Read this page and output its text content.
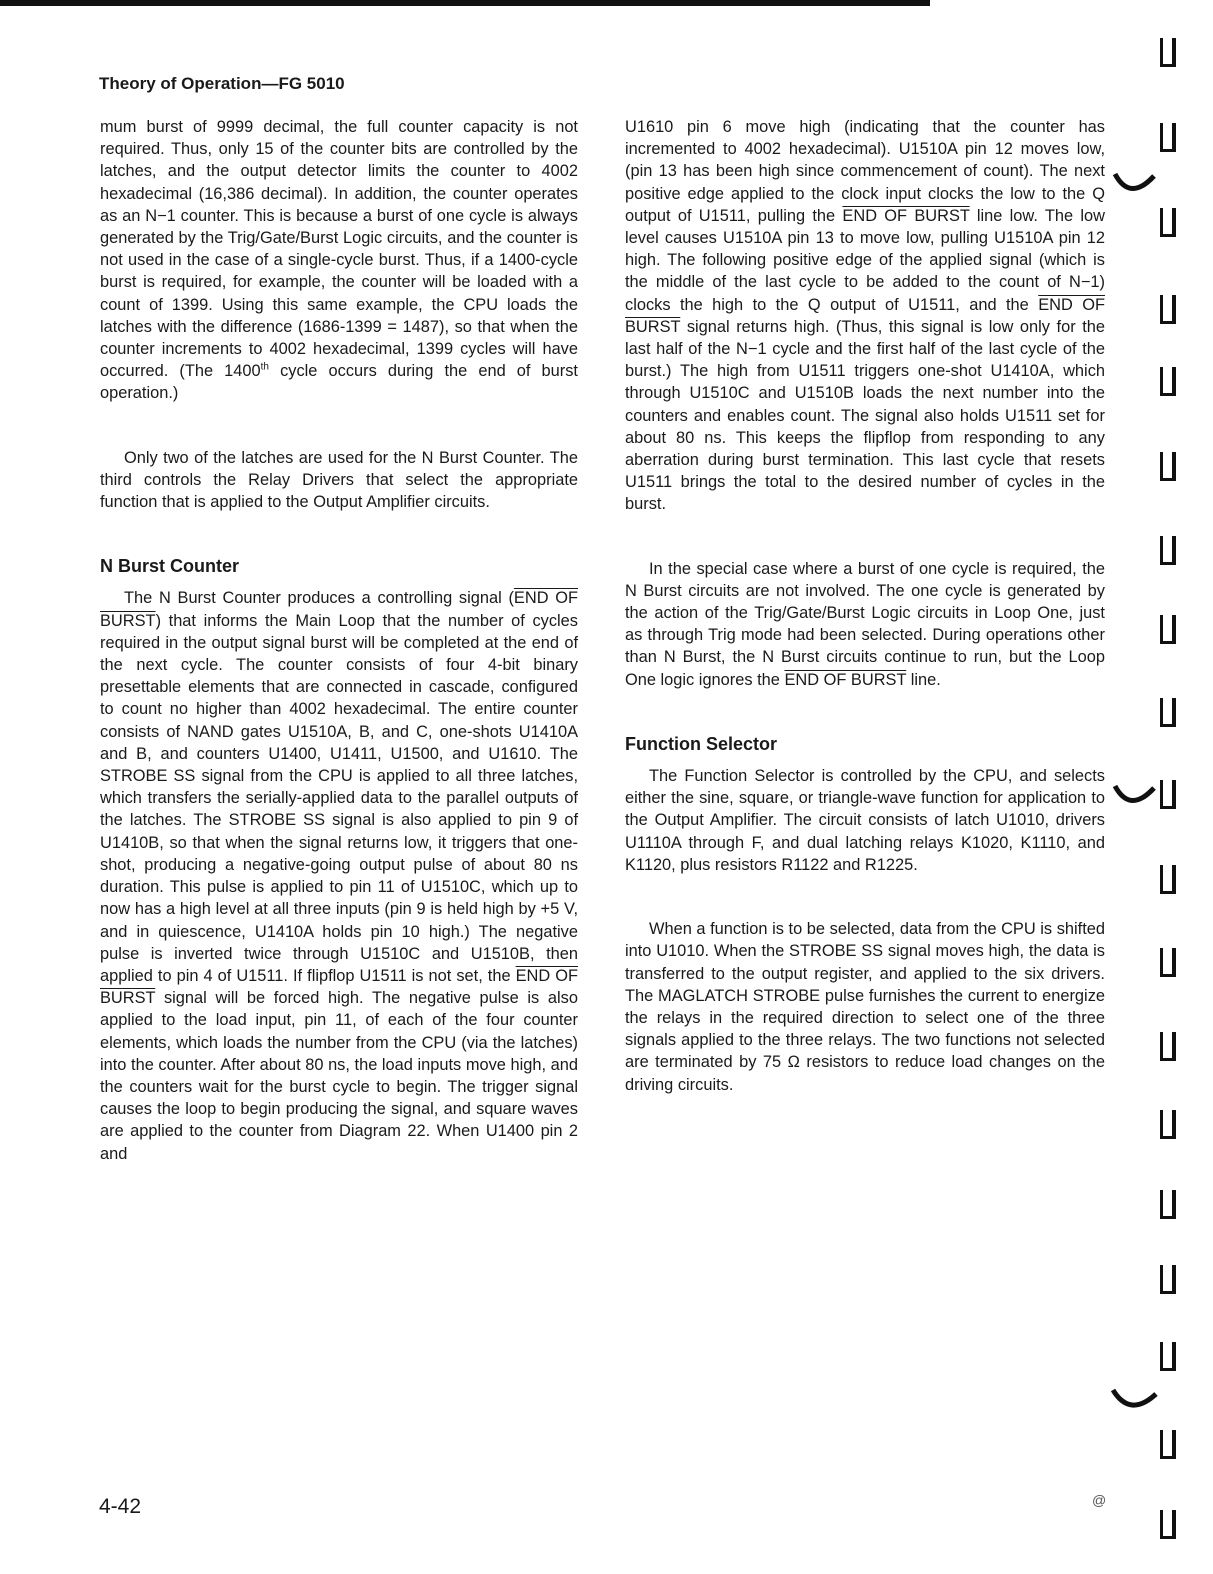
Theory of Operation—FG 5010

mum burst of 9999 decimal, the full counter capacity is not required. Thus, only 15 of the counter bits are controlled by the latches, and the output detector limits the counter to 4002 hexadecimal (16,386 decimal). In addition, the counter operates as an N−1 counter. This is because a burst of one cycle is always generated by the Trig/Gate/Burst Logic circuits, and the counter is not used in the case of a single-cycle burst. Thus, if a 1400-cycle burst is required, for example, the counter will be loaded with a count of 1399. Using this same example, the CPU loads the latches with the difference (1686-1399 = 1487), so that when the counter increments to 4002 hexadecimal, 1399 cycles will have occurred. (The 1400th cycle occurs during the end of burst operation.)

Only two of the latches are used for the N Burst Counter. The third controls the Relay Drivers that select the appropriate function that is applied to the Output Amplifier circuits.

N Burst Counter

The N Burst Counter produces a controlling signal (END OF BURST) that informs the Main Loop that the number of cycles required in the output signal burst will be completed at the end of the next cycle. The counter consists of four 4-bit binary presettable elements that are connected in cascade, configured to count no higher than 4002 hexadecimal. The entire counter consists of NAND gates U1510A, B, and C, one-shots U1410A and B, and counters U1400, U1411, U1500, and U1610. The STROBE SS signal from the CPU is applied to all three latches, which transfers the serially-applied data to the parallel outputs of the latches. The STROBE SS signal is also applied to pin 9 of U1410B, so that when the signal returns low, it triggers that one-shot, producing a negative-going output pulse of about 80 ns duration. This pulse is applied to pin 11 of U1510C, which up to now has a high level at all three inputs (pin 9 is held high by +5 V, and in quiescence, U1410A holds pin 10 high.) The negative pulse is inverted twice through U1510C and U1510B, then applied to pin 4 of U1511. If flipflop U1511 is not set, the END OF BURST signal will be forced high. The negative pulse is also applied to the load input, pin 11, of each of the four counter elements, which loads the number from the CPU (via the latches) into the counter. After about 80 ns, the load inputs move high, and the counters wait for the burst cycle to begin. The trigger signal causes the loop to begin producing the signal, and square waves are applied to the counter from Diagram 22. When U1400 pin 2 and

U1610 pin 6 move high (indicating that the counter has incremented to 4002 hexadecimal). U1510A pin 12 moves low, (pin 13 has been high since commencement of count). The next positive edge applied to the clock input clocks the low to the Q output of U1511, pulling the END OF BURST line low. The low level causes U1510A pin 13 to move low, pulling U1510A pin 12 high. The following positive edge of the applied signal (which is the middle of the last cycle to be added to the count of N−1) clocks the high to the Q output of U1511, and the END OF BURST signal returns high. (Thus, this signal is low only for the last half of the N−1 cycle and the first half of the last cycle of the burst.) The high from U1511 triggers one-shot U1410A, which through U1510C and U1510B loads the next number into the counters and enables count. The signal also holds U1511 set for about 80 ns. This keeps the flipflop from responding to any aberration during burst termination. This last cycle that resets U1511 brings the total to the desired number of cycles in the burst.

In the special case where a burst of one cycle is required, the N Burst circuits are not involved. The one cycle is generated by the action of the Trig/Gate/Burst Logic circuits in Loop One, just as through Trig mode had been selected. During operations other than N Burst, the N Burst circuits continue to run, but the Loop One logic ignores the END OF BURST line.

Function Selector

The Function Selector is controlled by the CPU, and selects either the sine, square, or triangle-wave function for application to the Output Amplifier. The circuit consists of latch U1010, drivers U1110A through F, and dual latching relays K1020, K1110, and K1120, plus resistors R1122 and R1225.

When a function is to be selected, data from the CPU is shifted into U1010. When the STROBE SS signal moves high, the data is transferred to the output register, and applied to the six drivers. The MAGLATCH STROBE pulse furnishes the current to energize the relays in the required direction to select one of the three signals applied to the three relays. The two functions not selected are terminated by 75 Ω resistors to reduce load changes on the driving circuits.

4-42	@
